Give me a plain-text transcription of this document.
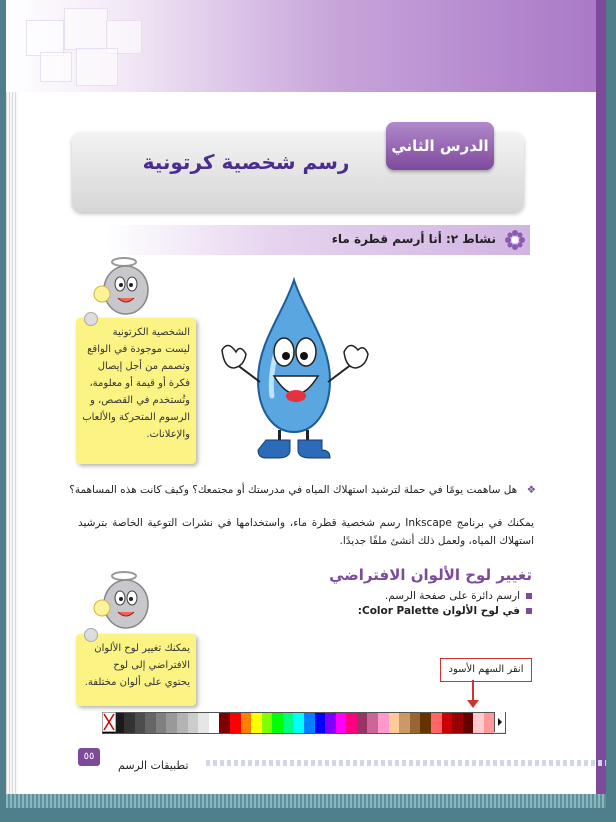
الدرس الثاني
رسم شخصية كرتونية
نشاط ٢: أنا أرسم قطرة ماء
الشخصية الكرتونية
ليست موجودة في الواقع
وتصمم من أجل إيصال
فكرة أو قيمة أو معلومة،
وتُستخدم في القصص، و
الرسوم المتحركة والألعاب
والإعلانات.
❖ هل ساهمت يومًا في حملة لترشيد استهلاك المياه في مدرستك أو مجتمعك؟ وكيف كانت هذه المساهمة؟
يمكنك في برنامج Inkscape رسم شخصية قطرة ماء، واستخدامها في نشرات التوعية الخاصة بترشيد استهلاك المياه، ولعمل ذلك أنشئ ملفًا جديدًا.
تغيير لوح الألوان الافتراضي
ارسم دائرة على صفحة الرسم.
في لوح الألوان Color Palette:
يمكنك تغيير لوح الألوان
الافتراضي إلى لوح
يحتوي على ألوان مختلفة.
انقر السهم الأسود
٥٥
تطبيقات الرسم
